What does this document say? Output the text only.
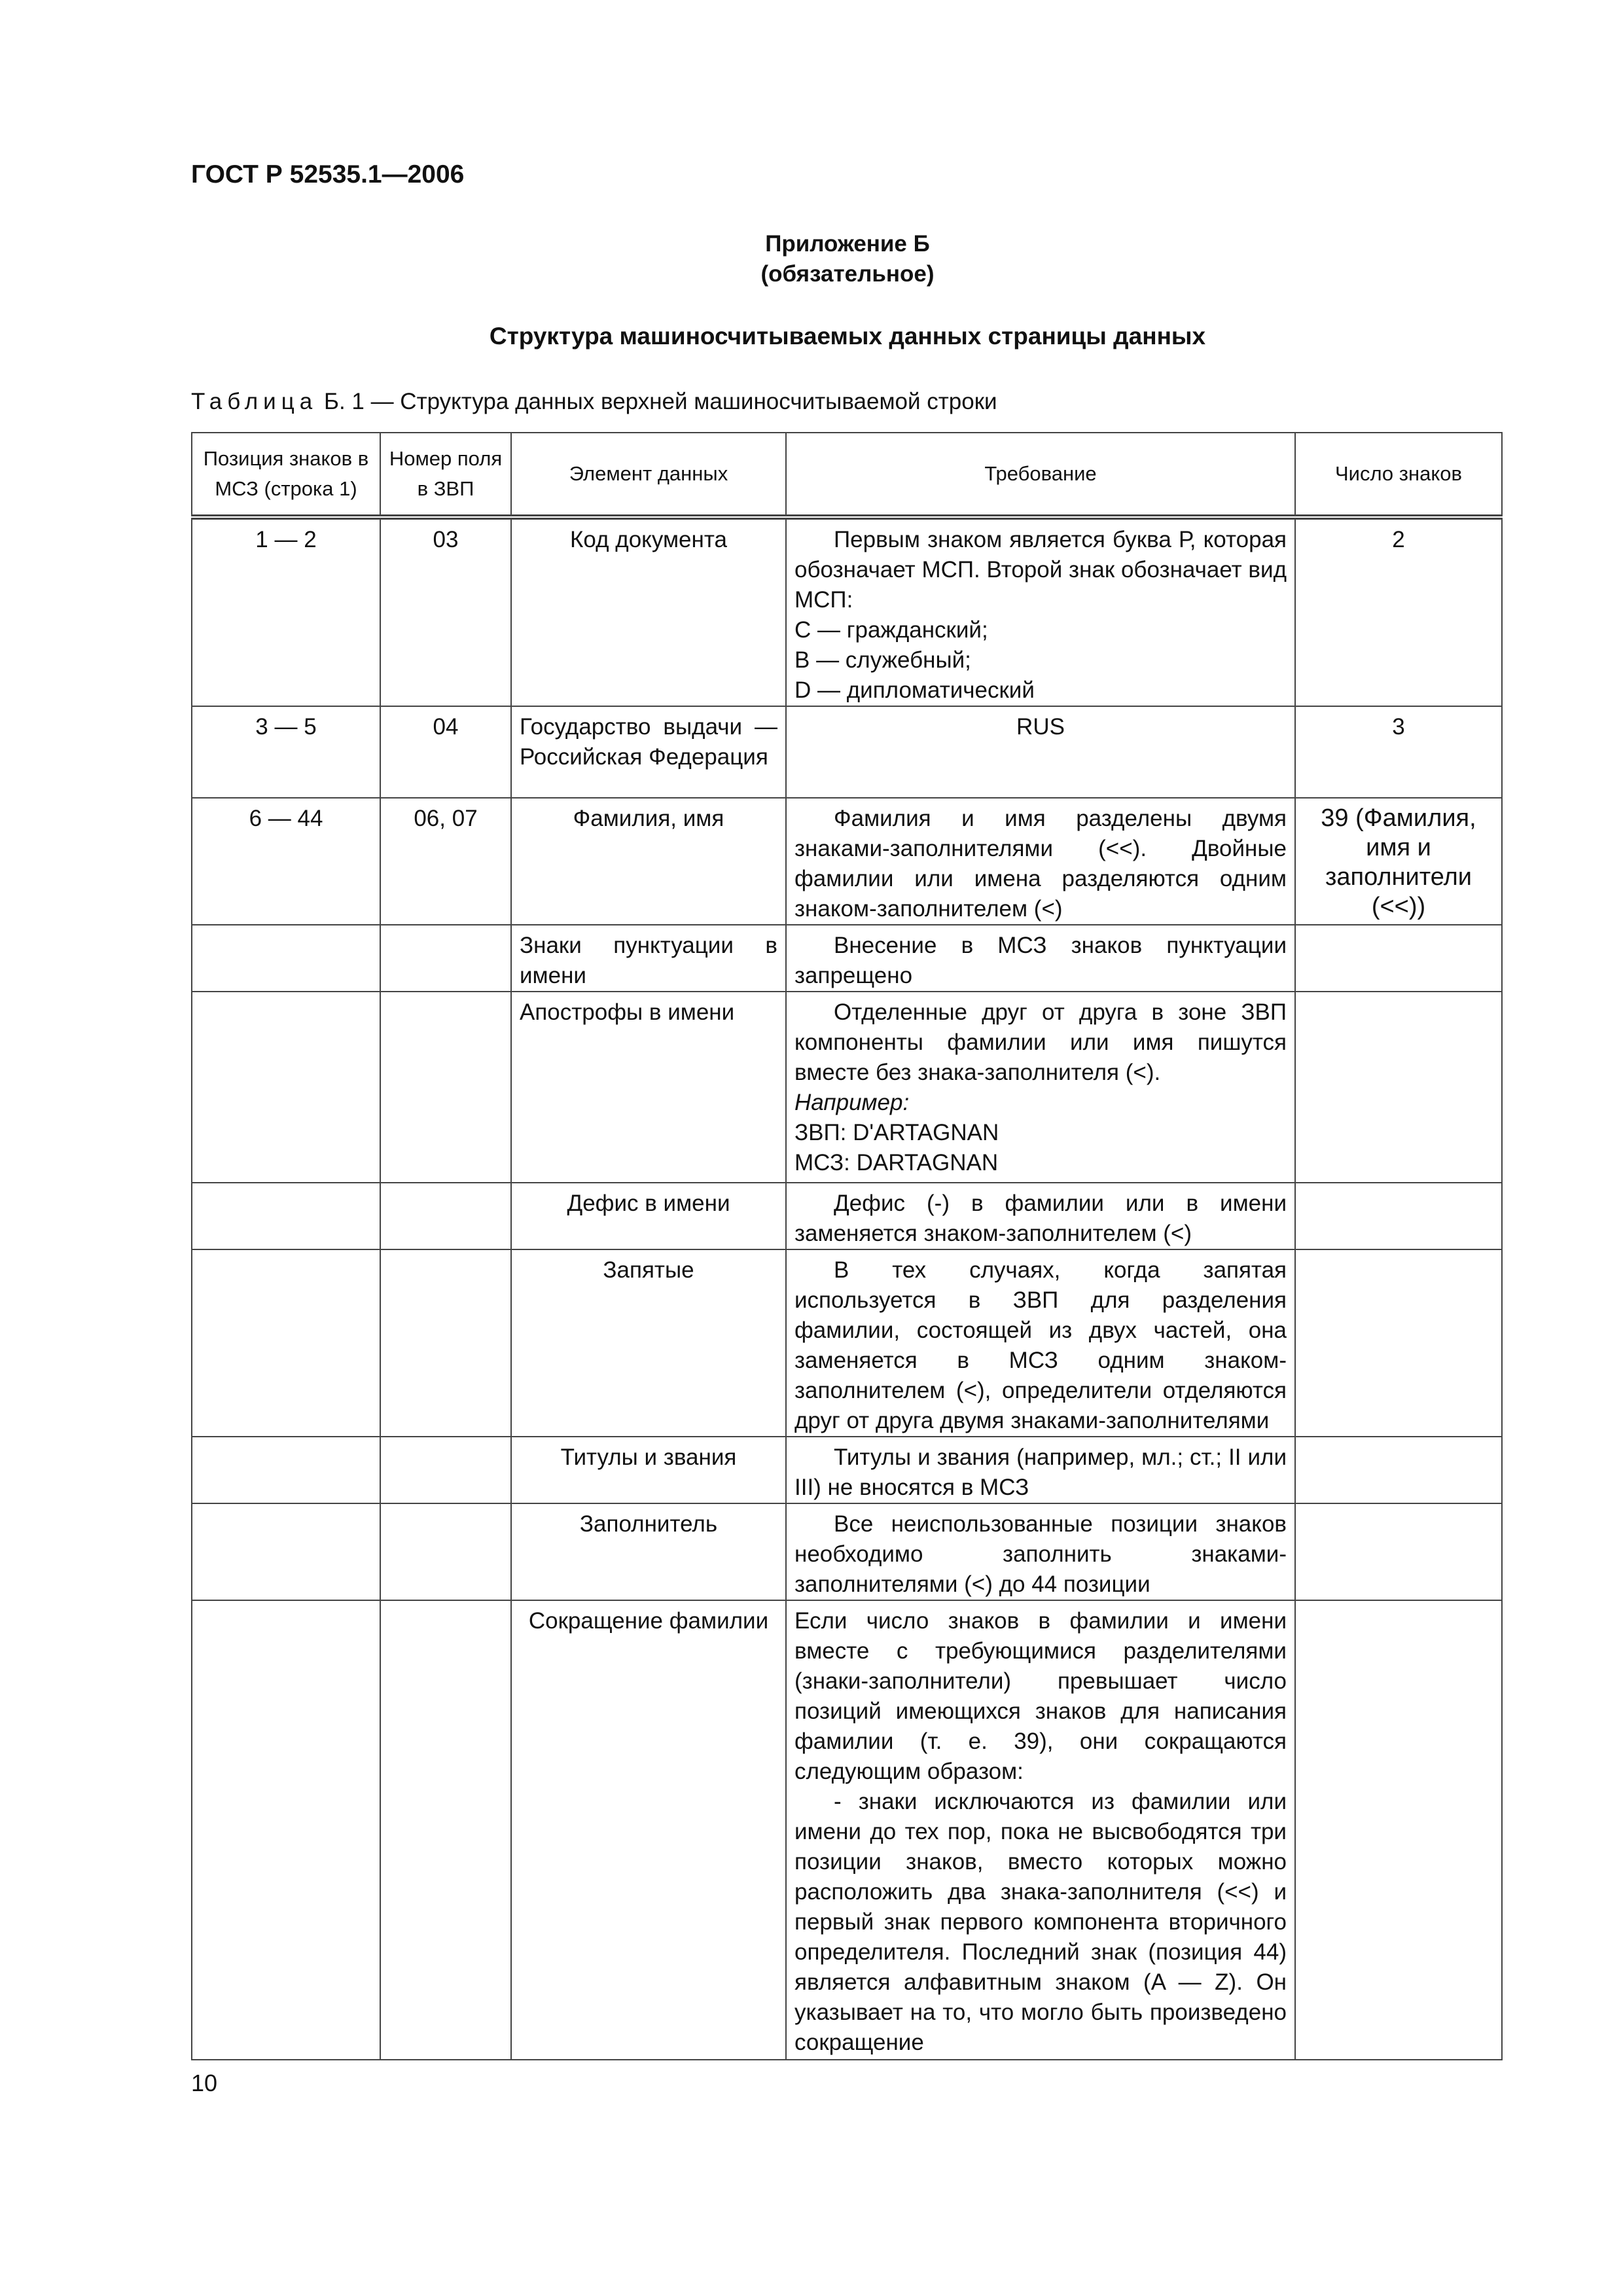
ГОСТ Р 52535.1—2006
Приложение Б
(обязательное)
Структура машиносчитываемых данных страницы данных
Таблица Б. 1 — Структура данных верхней машиносчитываемой строки
Позиция знаков в МСЗ (строка 1)	Номер поля в ЗВП	Элемент данных	Требование	Число знаков
1 — 2	03	Код документа	Первым знаком является буква Р, которая обозначает МСП. Второй знак обозначает вид МСП:

С — гражданский;

В — служебный;

D — дипломатический	2
3 — 5	04	Государство выдачи — Российская Федерация	RUS	3
6 — 44	06, 07	Фамилия, имя	Фамилия и имя разделены двумя знаками-заполнителями (<<). Двойные фамилии или имена разделяются одним знаком-заполнителем (<)	39 (Фамилия, имя и заполнители (<<))
		Знаки пунктуации в имени	Внесение в МСЗ знаков пунктуации запрещено	
		Апострофы в имени	Отделенные друг от друга в зоне ЗВП компоненты фамилии или имя пишутся вместе без знака-заполнителя (<).

Например:

ЗВП: D'ARTAGNAN

МСЗ: DARTAGNAN	

		Дефис в имени	Дефис (-) в фамилии или в имени заменяется знаком-заполнителем (<)	
		Запятые	В тех случаях, когда запятая используется в ЗВП для разделения фамилии, состоящей из двух частей, она заменяется в МСЗ одним знаком-заполнителем (<), определители отделяются друг от друга двумя знаками-заполнителями	
		Титулы и звания	Титулы и звания (например, мл.; ст.; II или III) не вносятся в МСЗ	
		Заполнитель	Все неиспользованные позиции знаков необходимо заполнить знаками-заполнителями (<) до 44 позиции	
		Сокращение фамилии	Если число знаков в фамилии и имени вместе с требующимися разделителями (знаки-заполнители) превышает число позиций имеющихся знаков для написания фамилии (т. е. 39), они сокращаются следующим образом:

- знаки исключаются из фамилии или имени до тех пор, пока не высвободятся три позиции знаков, вместо которых можно расположить два знака-заполнителя (<<) и первый знак первого компонента вторичного определителя. Последний знак (позиция 44) является алфавитным знаком (A — Z). Он указывает на то, что могло быть произведено сокращение	

10
